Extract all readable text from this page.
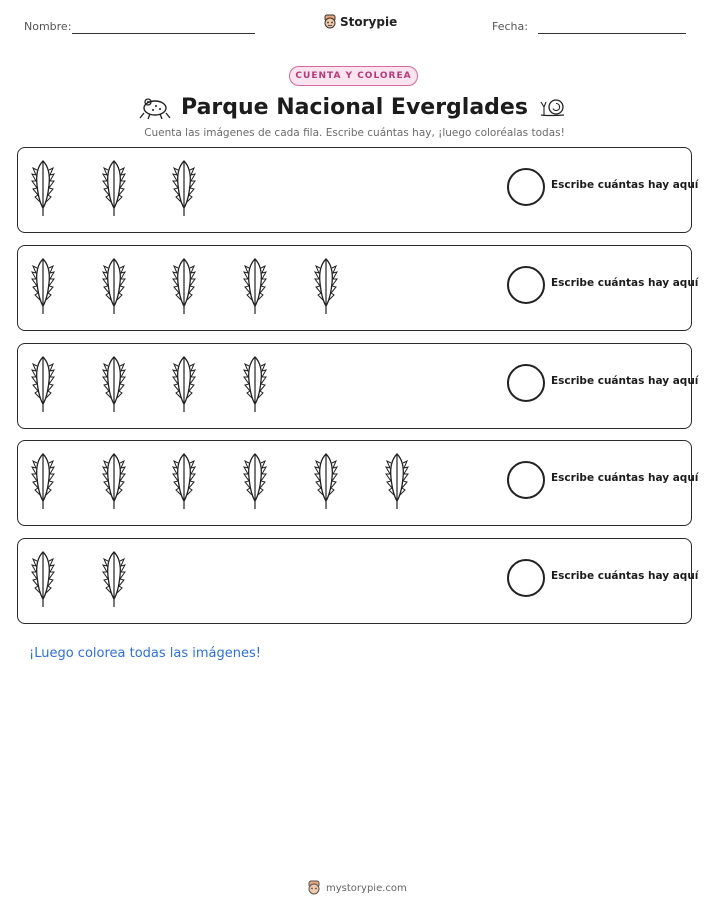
Nombre:	Storypie	Fecha:
CUENTA Y COLOREA
Parque Nacional Everglades
Cuenta las imágenes de cada fila. Escribe cuántas hay, ¡luego coloréalas todas!
Escribe cuántas hay aquí
Escribe cuántas hay aquí
Escribe cuántas hay aquí
Escribe cuántas hay aquí
Escribe cuántas hay aquí
¡Luego colorea todas las imágenes!
mystorypie.com
